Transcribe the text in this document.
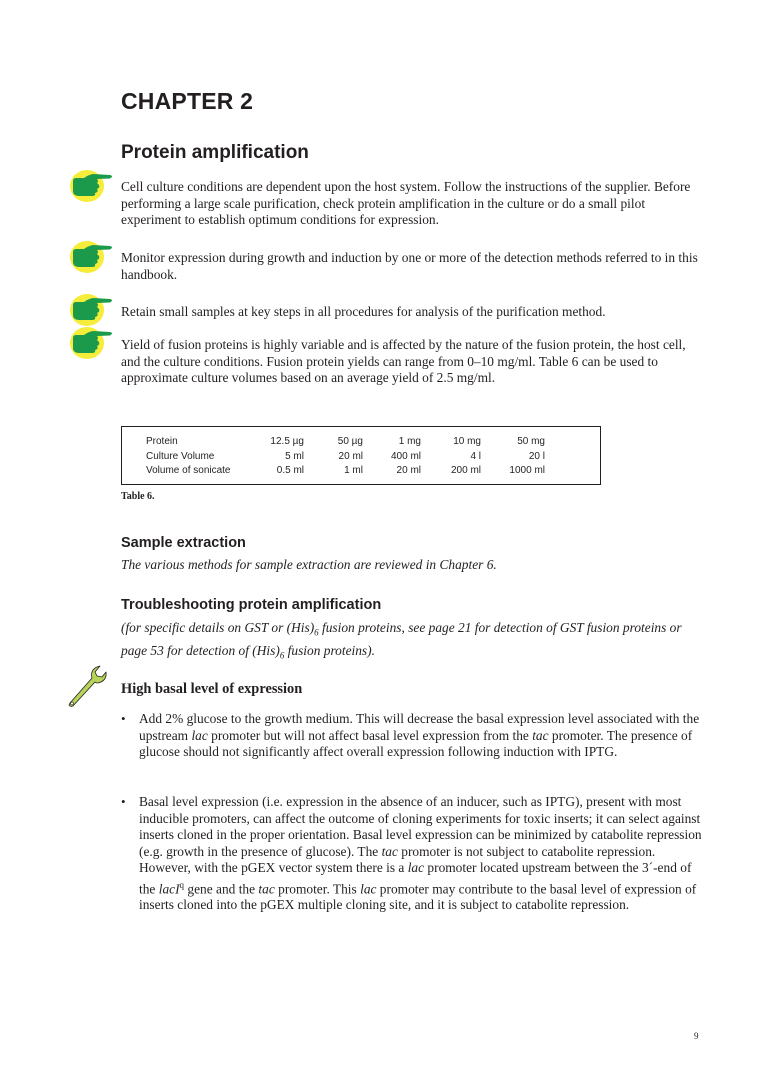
CHAPTER 2
Protein amplification

Cell culture conditions are dependent upon the host system. Follow the instructions of the supplier. Before performing a large scale purification, check protein amplification in the culture or do a small pilot experiment to establish optimum conditions for expression.

Monitor expression during growth and induction by one or more of the detection methods referred to in this handbook.

Retain small samples at key steps in all procedures for analysis of the purification method.

Yield of fusion proteins is highly variable and is affected by the nature of the fusion protein, the host cell, and the culture conditions. Fusion protein yields can range from 0–10 mg/ml. Table 6 can be used to approximate culture volumes based on an average yield of 2.5 mg/ml.

Protein	12.5 µg	50 µg	1 mg	10 mg	50 mg
Culture Volume	5 ml	20 ml	400 ml	4 l	20 l
Volume of sonicate	0.5 ml	1 ml	20 ml	200 ml	1000 ml

Table 6.

Sample extraction

The various methods for sample extraction are reviewed in Chapter 6.

Troubleshooting protein amplification

(for specific details on GST or $(His)_6$ fusion proteins, see page 21 for detection of GST fusion proteins or page 53 for detection of $(His)_6$ fusion proteins).

High basal level of expression
• Add 2% glucose to the growth medium. This will decrease the basal expression level associated with the upstream lac promoter but will not affect basal level expression from the tac promoter. The presence of glucose should not significantly affect overall expression following induction with IPTG.

• Basal level expression (i.e. expression in the absence of an inducer, such as IPTG), present with most inducible promoters, can affect the outcome of cloning experiments for toxic inserts; it can select against inserts cloned in the proper orientation. Basal level expression can be minimized by catabolite repression (e.g. growth in the presence of glucose). The tac promoter is not subject to catabolite repression. However, with the pGEX vector system there is a lac promoter located upstream between the 3´-end of the lacI$^q$ gene and the tac promoter. This lac promoter may contribute to the basal level of expression of inserts cloned into the pGEX multiple cloning site, and it is subject to catabolite repression.

9
